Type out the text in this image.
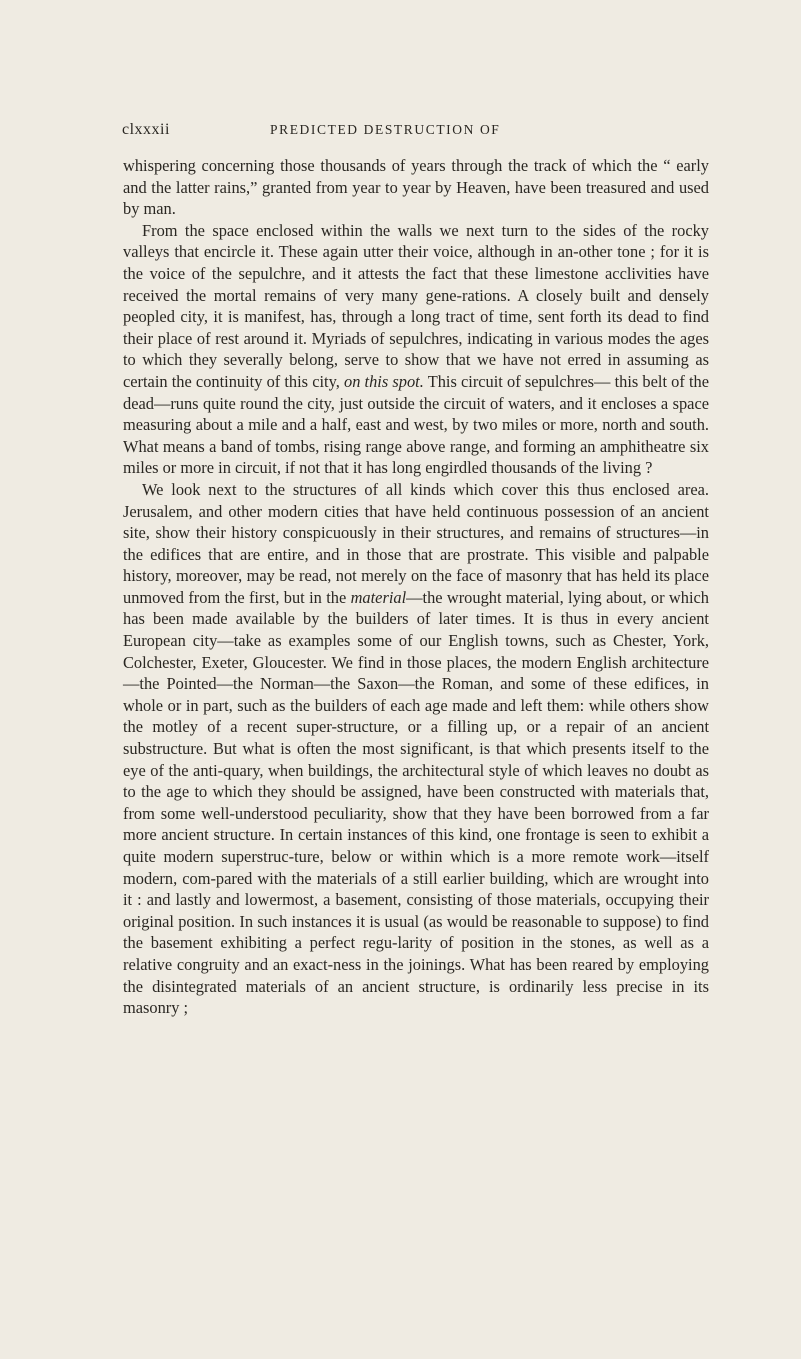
clxxxii	PREDICTED DESTRUCTION OF

whispering concerning those thousands of years through the track of which the “ early and the latter rains,” granted from year to year by Heaven, have been treasured and used by man.

From the space enclosed within the walls we next turn to the sides of the rocky valleys that encircle it. These again utter their voice, although in an-other tone ; for it is the voice of the sepulchre, and it attests the fact that these limestone acclivities have received the mortal remains of very many gene-rations. A closely built and densely peopled city, it is manifest, has, through a long tract of time, sent forth its dead to find their place of rest around it. Myriads of sepulchres, indicating in various modes the ages to which they severally belong, serve to show that we have not erred in assuming as certain the continuity of this city, on this spot. This circuit of sepulchres— this belt of the dead—runs quite round the city, just outside the circuit of waters, and it encloses a space measuring about a mile and a half, east and west, by two miles or more, north and south. What means a band of tombs, rising range above range, and forming an amphitheatre six miles or more in circuit, if not that it has long engirdled thousands of the living ?

We look next to the structures of all kinds which cover this thus enclosed area. Jerusalem, and other modern cities that have held continuous possession of an ancient site, show their history conspicuously in their structures, and remains of structures—in the edifices that are entire, and in those that are prostrate. This visible and palpable history, moreover, may be read, not merely on the face of masonry that has held its place unmoved from the first, but in the material—the wrought material, lying about, or which has been made available by the builders of later times. It is thus in every ancient European city—take as examples some of our English towns, such as Chester, York, Colchester, Exeter, Gloucester. We find in those places, the modern English architecture—the Pointed—the Norman—the Saxon—the Roman, and some of these edifices, in whole or in part, such as the builders of each age made and left them: while others show the motley of a recent super-structure, or a filling up, or a repair of an ancient substructure. But what is often the most significant, is that which presents itself to the eye of the anti-quary, when buildings, the architectural style of which leaves no doubt as to the age to which they should be assigned, have been constructed with materials that, from some well-understood peculiarity, show that they have been borrowed from a far more ancient structure. In certain instances of this kind, one frontage is seen to exhibit a quite modern superstruc-ture, below or within which is a more remote work—itself modern, com-pared with the materials of a still earlier building, which are wrought into it : and lastly and lowermost, a basement, consisting of those materials, occupying their original position. In such instances it is usual (as would be reasonable to suppose) to find the basement exhibiting a perfect regu-larity of position in the stones, as well as a relative congruity and an exact-ness in the joinings. What has been reared by employing the disintegrated materials of an ancient structure, is ordinarily less precise in its masonry ;
